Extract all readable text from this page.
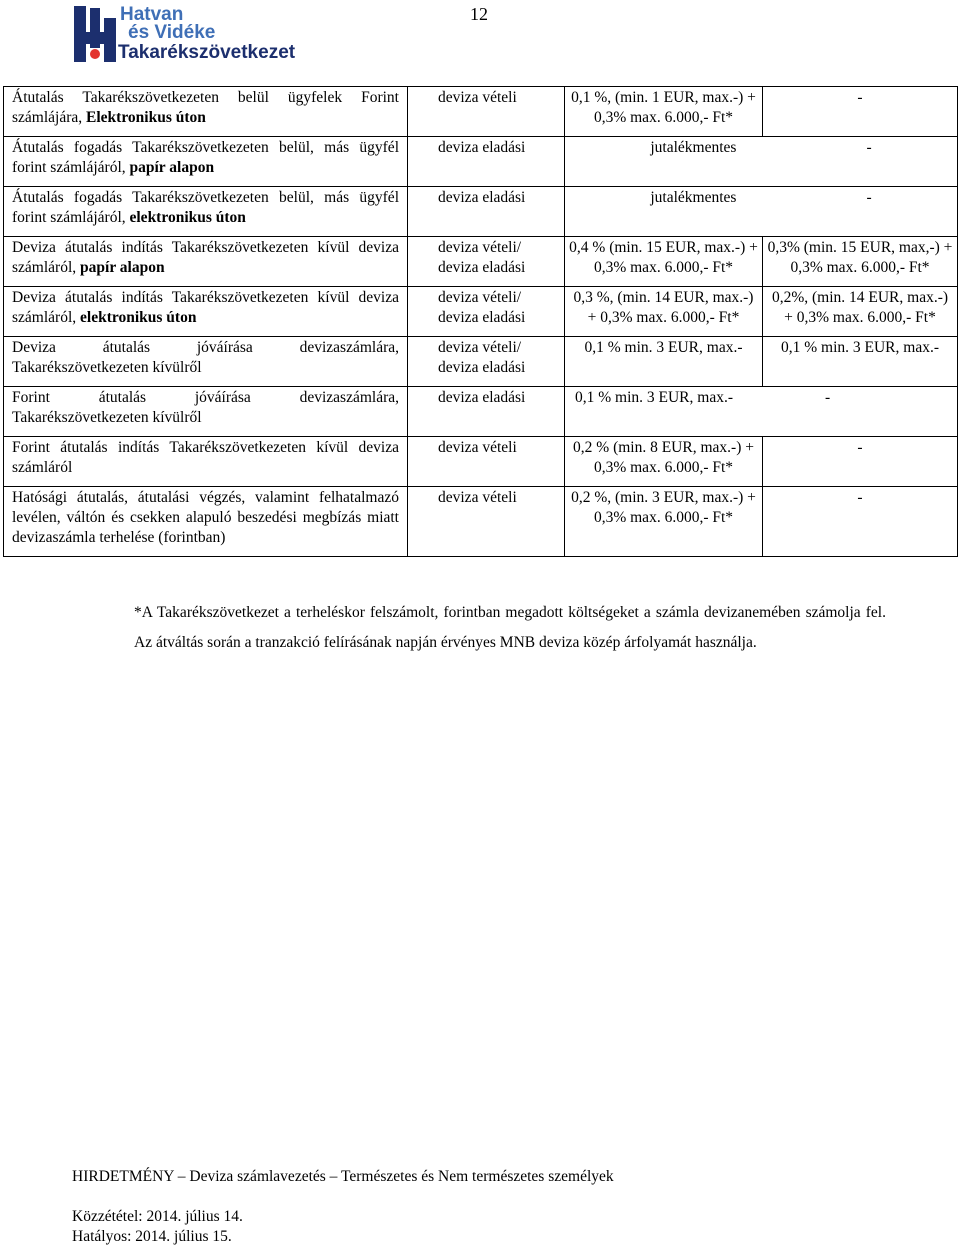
Hatvan
és Vidéke
Takarékszövetkezet
12
Átutalás Takarékszövetkezeten belül ügyfelek Forint számlájára, Elektronikus úton	deviza vételi	0,1 %, (min. 1 EUR, max.-) + 0,3% max. 6.000,- Ft*	-
Átutalás fogadás Takarékszövetkezeten belül, más ügyfél forint számlájáról, papír alapon	deviza eladási	jutalékmentes -	
Átutalás fogadás Takarékszövetkezeten belül, más ügyfél forint számlájáról, elektronikus úton	deviza eladási	jutalékmentes -	
Deviza átutalás indítás Takarékszövetkezeten kívül deviza számláról, papír alapon	deviza vételi/ deviza eladási	0,4 % (min. 15 EUR, max.-) + 0,3% max. 6.000,- Ft*	0,3% (min. 15 EUR, max,-) + 0,3% max. 6.000,- Ft*
Deviza átutalás indítás Takarékszövetkezeten kívül deviza számláról, elektronikus úton	deviza vételi/ deviza eladási	0,3 %, (min. 14 EUR, max.-) + 0,3% max. 6.000,- Ft*	0,2%, (min. 14 EUR, max.-) + 0,3% max. 6.000,- Ft*
Deviza átutalás jóváírása devizaszámlára, Takarékszövetkezeten kívülről	deviza vételi/ deviza eladási	0,1 % min. 3 EUR, max.-	0,1 % min. 3 EUR, max.-
Forint átutalás jóváírása devizaszámlára, Takarékszövetkezeten kívülről	deviza eladási	0,1 % min. 3 EUR, max.- -	
Forint átutalás indítás Takarékszövetkezeten kívül deviza számláról	deviza vételi	0,2 % (min. 8 EUR, max.-) + 0,3% max. 6.000,- Ft*	-
Hatósági átutalás, átutalási végzés, valamint felhatalmazó levélen, váltón és csekken alapuló beszedési megbízás miatt devizaszámla terhelése (forintban)	deviza vételi	0,2 %, (min. 3 EUR, max.-) + 0,3% max. 6.000,- Ft*	-

*A Takarékszövetkezet a terheléskor felszámolt, forintban megadott költségeket a számla devizanemében számolja fel. Az átváltás során a tranzakció felírásának napján érvényes MNB deviza közép árfolyamát használja.

HIRDETMÉNY – Deviza számlavezetés – Természetes és Nem természetes személyek
Közzététel: 2014. július 14.
Hatályos: 2014. július 15.
